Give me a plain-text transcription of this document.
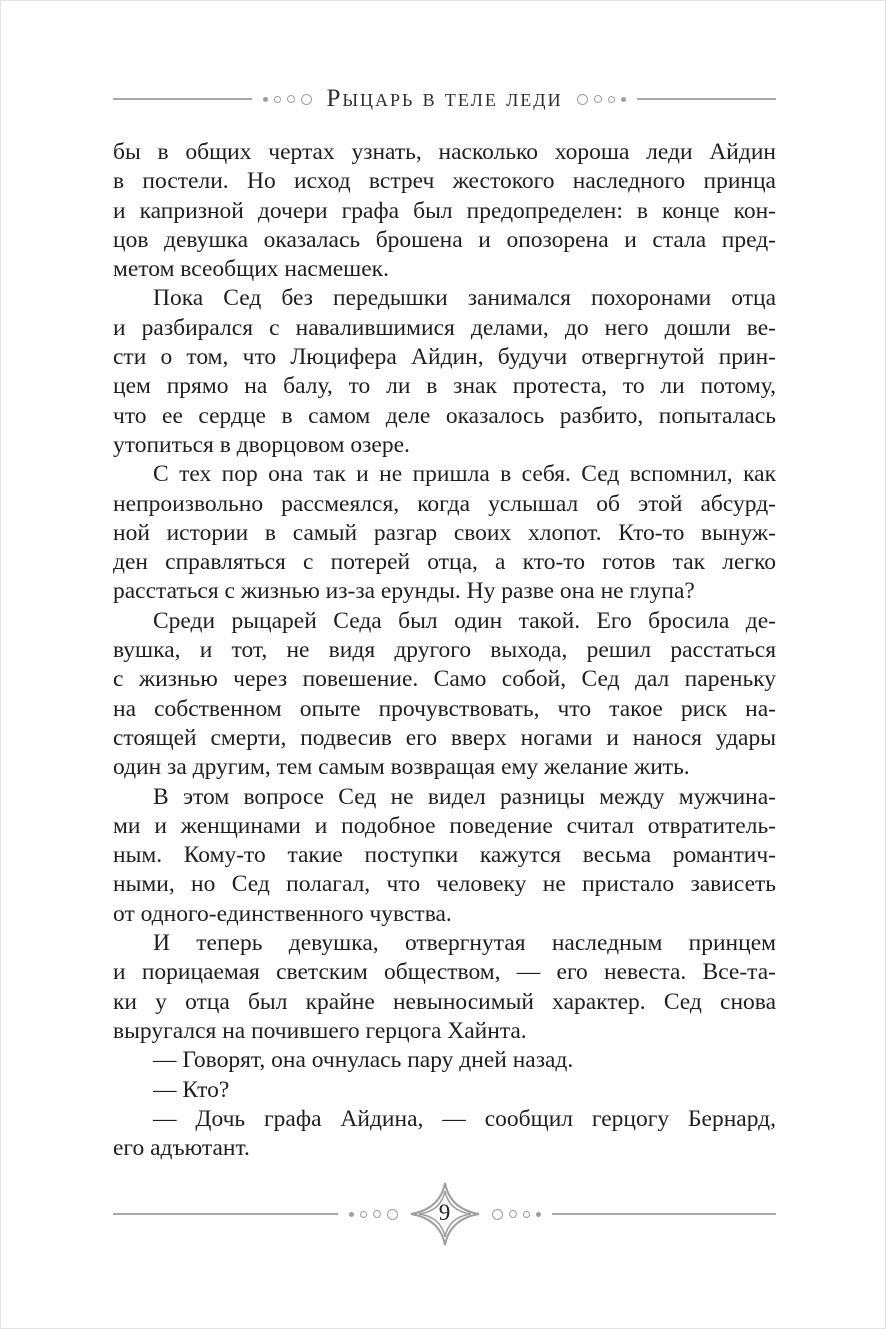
Рыцарь в теле леди
бы в общих чертах узнать, насколько хороша леди Айдин
в постели. Но исход встреч жестокого наследного принца
и капризной дочери графа был предопределен: в конце кон-
цов девушка оказалась брошена и опозорена и стала пред-
метом всеобщих насмешек.
Пока Сед без передышки занимался похоронами отца
и разбирался с навалившимися делами, до него дошли ве-
сти о том, что Люцифера Айдин, будучи отвергнутой прин-
цем прямо на балу, то ли в знак протеста, то ли потому,
что ее сердце в самом деле оказалось разбито, попыталась
утопиться в дворцовом озере.
С тех пор она так и не пришла в себя. Сед вспомнил, как
непроизвольно рассмеялся, когда услышал об этой абсурд-
ной истории в самый разгар своих хлопот. Кто-то вынуж-
ден справляться с потерей отца, а кто-то готов так легко
расстаться с жизнью из-за ерунды. Ну разве она не глупа?
Среди рыцарей Седа был один такой. Его бросила де-
вушка, и тот, не видя другого выхода, решил расстаться
с жизнью через повешение. Само собой, Сед дал пареньку
на собственном опыте прочувствовать, что такое риск на-
стоящей смерти, подвесив его вверх ногами и нанося удары
один за другим, тем самым возвращая ему желание жить.
В этом вопросе Сед не видел разницы между мужчина-
ми и женщинами и подобное поведение считал отвратитель-
ным. Кому-то такие поступки кажутся весьма романтич-
ными, но Сед полагал, что человеку не пристало зависеть
от одного-единственного чувства.
И теперь девушка, отвергнутая наследным принцем
и порицаемая светским обществом, — его невеста. Все-та-
ки у отца был крайне невыносимый характер. Сед снова
выругался на почившего герцога Хайнта.
— Говорят, она очнулась пару дней назад.
— Кто?
— Дочь графа Айдина, — сообщил герцогу Бернард,
его адъютант.
9
